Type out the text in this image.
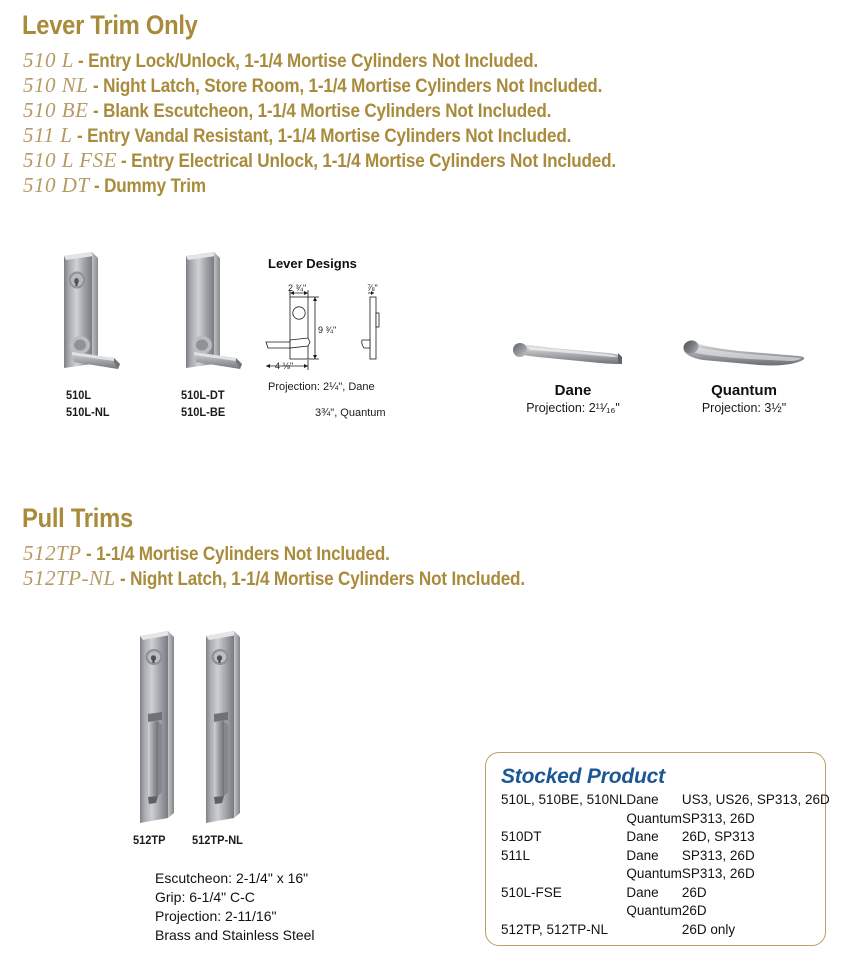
Lever Trim Only
510 L - Entry Lock/Unlock, 1-1/4 Mortise Cylinders Not Included.
510 NL - Night Latch, Store Room, 1-1/4 Mortise Cylinders Not Included.
510 BE - Blank Escutcheon, 1-1/4 Mortise Cylinders Not Included.
511 L - Entry Vandal Resistant, 1-1/4 Mortise Cylinders Not Included.
510 L FSE - Entry Electrical Unlock, 1-1/4 Mortise Cylinders Not Included.
510 DT - Dummy Trim
510L
510L-NL
510L-DT
510L-BE
Lever Designs
2 ¾"	⅞"
9 ¾"
4 ⅛"
Projection: 2¼", Dane
3¾", Quantum
Dane
Projection: 2¹¹⁄₁₆"
Quantum
Projection: 3½"
Pull Trims
512TP - 1-1/4 Mortise Cylinders Not Included.
512TP-NL - Night Latch, 1-1/4 Mortise Cylinders Not Included.
512TP 512TP-NL
Escutcheon: 2-1/4" x 16"
Grip: 6-1/4" C-C
Projection: 2-11/16"
Brass and Stainless Steel
Stocked Product
510L, 510BE, 510NL	Dane	US3, US26, SP313, 26D
	Quantum	SP313, 26D
510DT	Dane	26D, SP313
511L	Dane	SP313, 26D
	Quantum	SP313, 26D
510L-FSE	Dane	26D
	Quantum	26D
512TP, 512TP-NL		26D only
